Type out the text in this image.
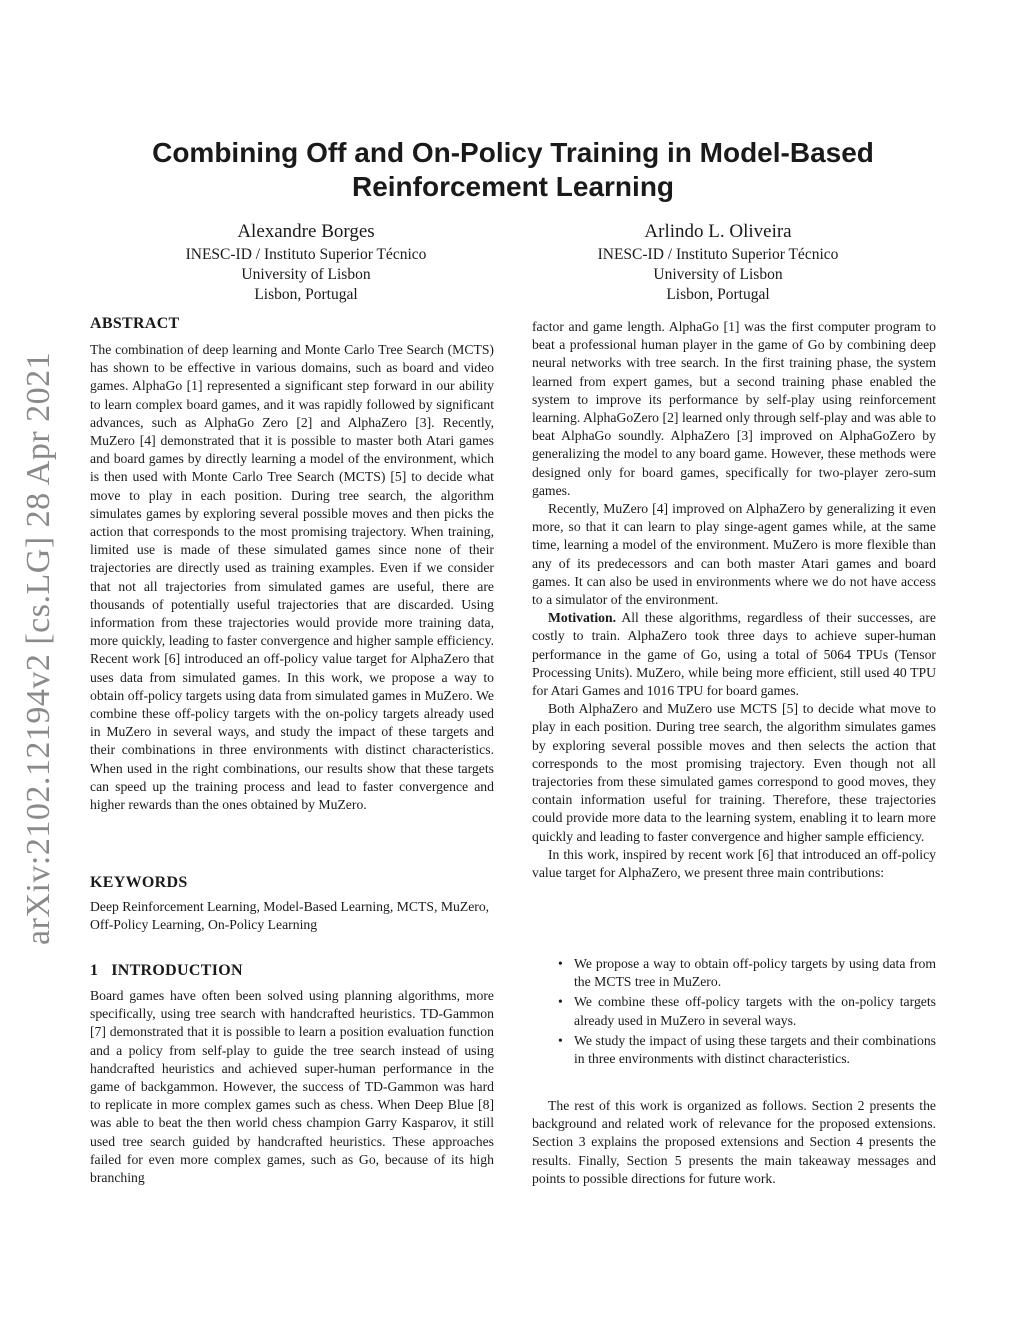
arXiv:2102.12194v2 [cs.LG] 28 Apr 2021
Combining Off and On-Policy Training in Model-Based
Reinforcement Learning
Alexandre Borges
INESC-ID / Instituto Superior Técnico
University of Lisbon
Lisbon, Portugal
Arlindo L. Oliveira
INESC-ID / Instituto Superior Técnico
University of Lisbon
Lisbon, Portugal
ABSTRACT

The combination of deep learning and Monte Carlo Tree Search (MCTS) has shown to be effective in various domains, such as board and video games. AlphaGo [1] represented a significant step forward in our ability to learn complex board games, and it was rapidly followed by significant advances, such as AlphaGo Zero [2] and AlphaZero [3]. Recently, MuZero [4] demonstrated that it is possible to master both Atari games and board games by directly learning a model of the environment, which is then used with Monte Carlo Tree Search (MCTS) [5] to decide what move to play in each position. During tree search, the algorithm simulates games by exploring several possible moves and then picks the action that corresponds to the most promising trajectory. When training, limited use is made of these simulated games since none of their trajectories are directly used as training examples. Even if we consider that not all trajectories from simulated games are useful, there are thousands of potentially useful trajectories that are discarded. Using information from these trajectories would provide more training data, more quickly, leading to faster convergence and higher sample efficiency. Recent work [6] introduced an off-policy value target for AlphaZero that uses data from simulated games. In this work, we propose a way to obtain off-policy targets using data from simulated games in MuZero. We combine these off-policy targets with the on-policy targets already used in MuZero in several ways, and study the impact of these targets and their combinations in three environments with distinct characteristics. When used in the right combinations, our results show that these targets can speed up the training process and lead to faster convergence and higher rewards than the ones obtained by MuZero.

KEYWORDS

Deep Reinforcement Learning, Model-Based Learning, MCTS, MuZero, Off-Policy Learning, On-Policy Learning

1   INTRODUCTION

Board games have often been solved using planning algorithms, more specifically, using tree search with handcrafted heuristics. TD-Gammon [7] demonstrated that it is possible to learn a position evaluation function and a policy from self-play to guide the tree search instead of using handcrafted heuristics and achieved super-human performance in the game of backgammon. However, the success of TD-Gammon was hard to replicate in more complex games such as chess. When Deep Blue [8] was able to beat the then world chess champion Garry Kasparov, it still used tree search guided by handcrafted heuristics. These approaches failed for even more complex games, such as Go, because of its high branching

factor and game length. AlphaGo [1] was the first computer program to beat a professional human player in the game of Go by combining deep neural networks with tree search. In the first training phase, the system learned from expert games, but a second training phase enabled the system to improve its performance by self-play using reinforcement learning. AlphaGoZero [2] learned only through self-play and was able to beat AlphaGo soundly. AlphaZero [3] improved on AlphaGoZero by generalizing the model to any board game. However, these methods were designed only for board games, specifically for two-player zero-sum games.

Recently, MuZero [4] improved on AlphaZero by generalizing it even more, so that it can learn to play singe-agent games while, at the same time, learning a model of the environment. MuZero is more flexible than any of its predecessors and can both master Atari games and board games. It can also be used in environments where we do not have access to a simulator of the environment.

Motivation. All these algorithms, regardless of their successes, are costly to train. AlphaZero took three days to achieve super-human performance in the game of Go, using a total of 5064 TPUs (Tensor Processing Units). MuZero, while being more efficient, still used 40 TPU for Atari Games and 1016 TPU for board games.

Both AlphaZero and MuZero use MCTS [5] to decide what move to play in each position. During tree search, the algorithm simulates games by exploring several possible moves and then selects the action that corresponds to the most promising trajectory. Even though not all trajectories from these simulated games correspond to good moves, they contain information useful for training. Therefore, these trajectories could provide more data to the learning system, enabling it to learn more quickly and leading to faster convergence and higher sample efficiency.

In this work, inspired by recent work [6] that introduced an off-policy value target for AlphaZero, we present three main contributions:

• We propose a way to obtain off-policy targets by using data from the MCTS tree in MuZero.
• We combine these off-policy targets with the on-policy targets already used in MuZero in several ways.
• We study the impact of using these targets and their combinations in three environments with distinct characteristics.

The rest of this work is organized as follows. Section 2 presents the background and related work of relevance for the proposed extensions. Section 3 explains the proposed extensions and Section 4 presents the results. Finally, Section 5 presents the main takeaway messages and points to possible directions for future work.
